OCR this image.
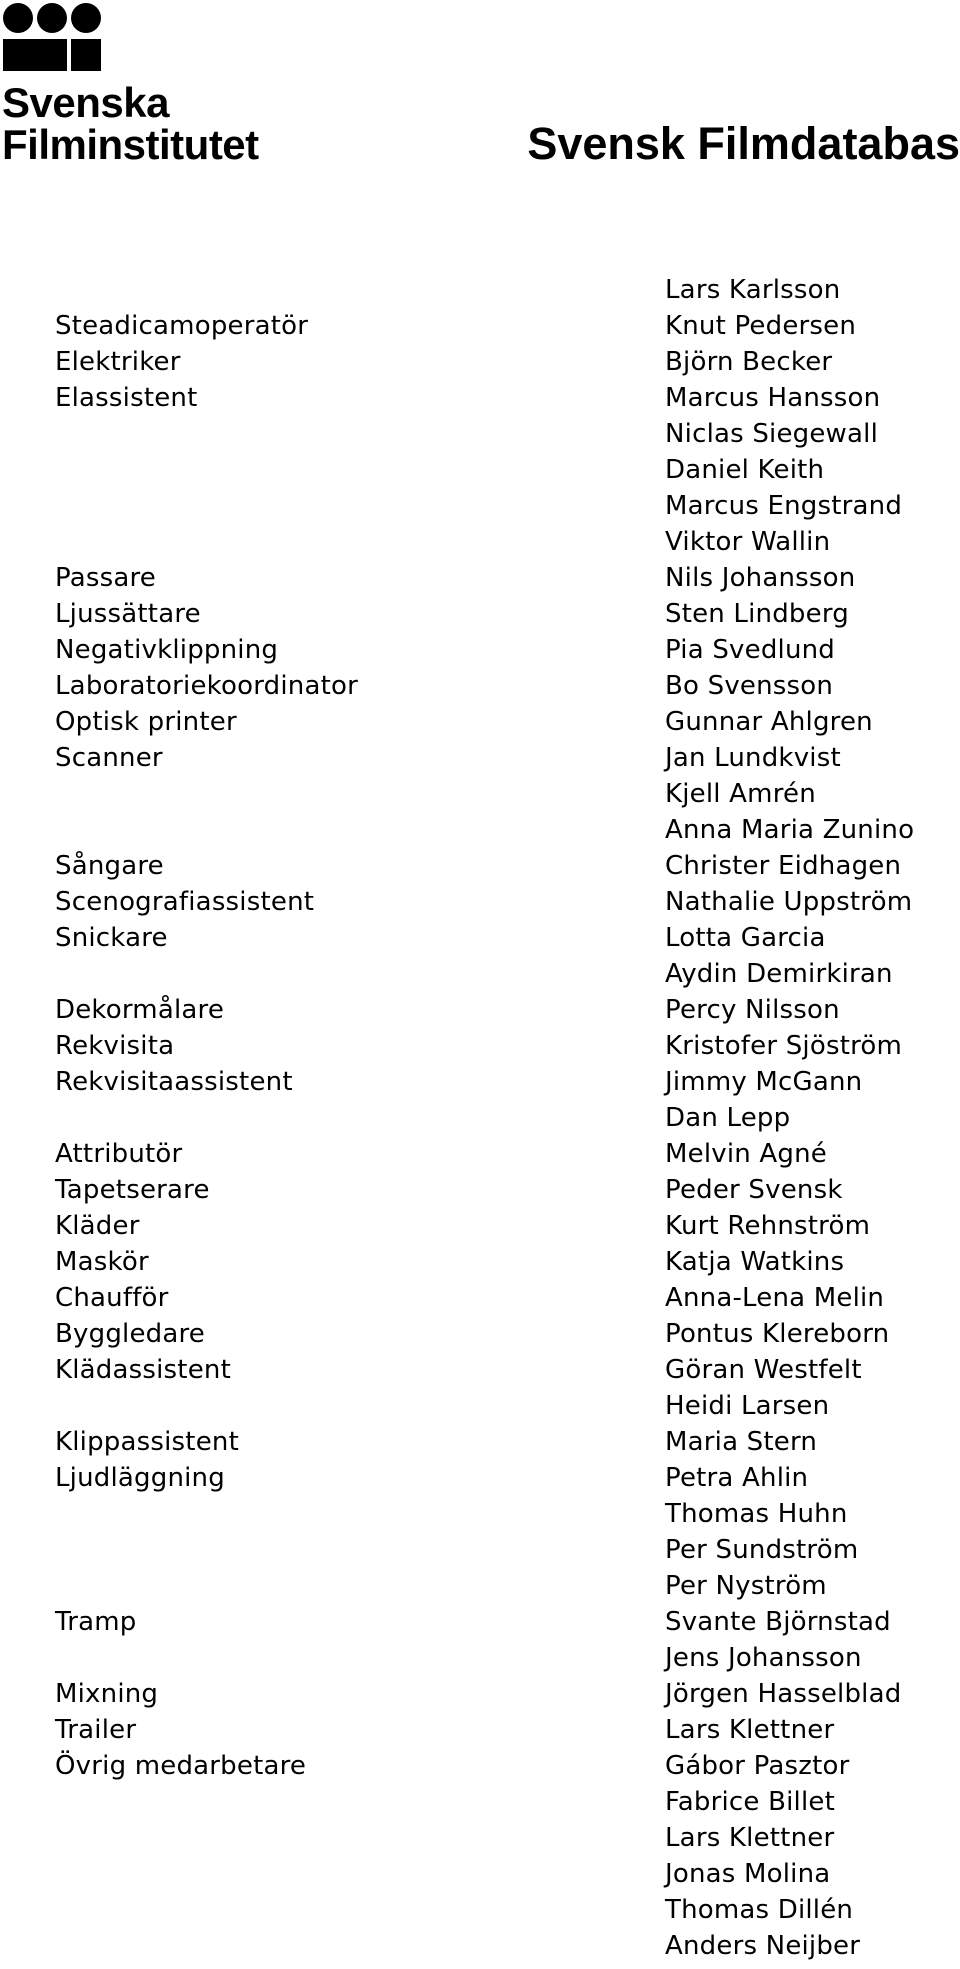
Svenska
Filminstitutet	Svensk Filmdatabas
Steadicamoperatör
Elektriker
Elassistent
Passare
Ljussättare
Negativklippning
Laboratoriekoordinator
Optisk printer
Scanner
Sångare
Scenografiassistent
Snickare
Dekormålare
Rekvisita
Rekvisitaassistent
Attributör
Tapetserare
Kläder
Maskör
Chaufför
Byggledare
Klädassistent
Klippassistent
Ljudläggning
Tramp
Mixning
Trailer
Övrig medarbetare
Lars Karlsson
Knut Pedersen
Björn Becker
Marcus Hansson
Niclas Siegewall
Daniel Keith
Marcus Engstrand
Viktor Wallin
Nils Johansson
Sten Lindberg
Pia Svedlund
Bo Svensson
Gunnar Ahlgren
Jan Lundkvist
Kjell Amrén
Anna Maria Zunino
Christer Eidhagen
Nathalie Uppström
Lotta Garcia
Aydin Demirkiran
Percy Nilsson
Kristofer Sjöström
Jimmy McGann
Dan Lepp
Melvin Agné
Peder Svensk
Kurt Rehnström
Katja Watkins
Anna-Lena Melin
Pontus Klereborn
Göran Westfelt
Heidi Larsen
Maria Stern
Petra Ahlin
Thomas Huhn
Per Sundström
Per Nyström
Svante Björnstad
Jens Johansson
Jörgen Hasselblad
Lars Klettner
Gábor Pasztor
Fabrice Billet
Lars Klettner
Jonas Molina
Thomas Dillén
Anders Neijber
